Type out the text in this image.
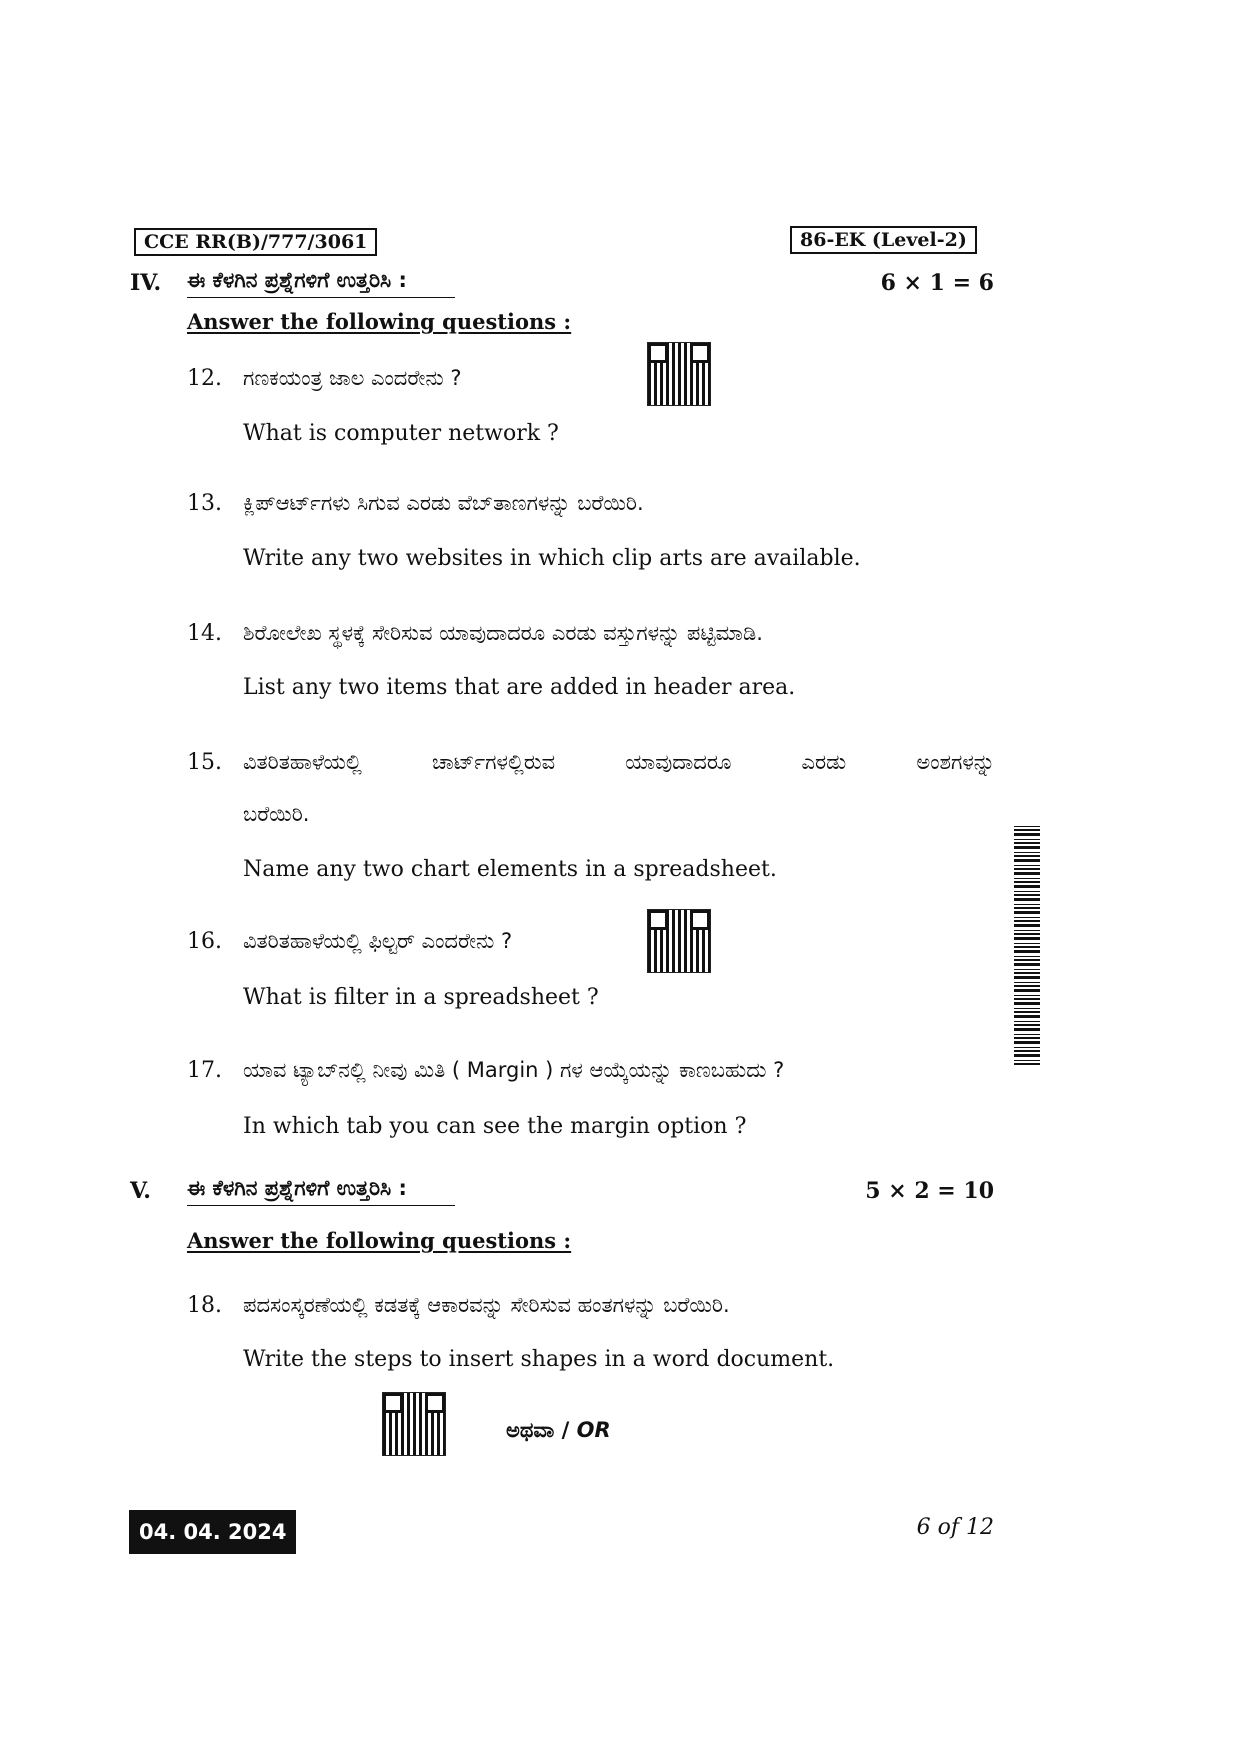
CCE RR(B)/777/3061	86-EK (Level-2)
IV. ಈ ಕೆಳಗಿನ ಪ್ರಶ್ನೆಗಳಿಗೆ ಉತ್ತರಿಸಿ :	6 × 1 = 6
Answer the following questions :
12. ಗಣಕಯಂತ್ರ ಜಾಲ ಎಂದರೇನು ?
What is computer network ?
13. ಕ್ಲಿಪ್‌ಆರ್ಟ್‌ಗಳು ಸಿಗುವ ಎರಡು ವೆಬ್‌ತಾಣಗಳನ್ನು ಬರೆಯಿರಿ.
Write any two websites in which clip arts are available.
14. ಶಿರೋಲೇಖ ಸ್ಥಳಕ್ಕೆ ಸೇರಿಸುವ ಯಾವುದಾದರೂ ಎರಡು ವಸ್ತುಗಳನ್ನು ಪಟ್ಟಿಮಾಡಿ.
List any two items that are added in header area.
15. ವಿತರಿತಹಾಳೆಯಲ್ಲಿ ಚಾರ್ಟ್‌ಗಳಲ್ಲಿರುವ ಯಾವುದಾದರೂ ಎರಡು ಅಂಶಗಳನ್ನು
ಬರೆಯಿರಿ.
Name any two chart elements in a spreadsheet.
16. ವಿತರಿತಹಾಳೆಯಲ್ಲಿ ಫಿಲ್ಟರ್ ಎಂದರೇನು ?
What is filter in a spreadsheet ?
17. ಯಾವ ಟ್ಯಾಬ್‌ನಲ್ಲಿ ನೀವು ಮಿತಿ ( Margin ) ಗಳ ಆಯ್ಕೆಯನ್ನು ಕಾಣಬಹುದು ?
In which tab you can see the margin option ?
V. ಈ ಕೆಳಗಿನ ಪ್ರಶ್ನೆಗಳಿಗೆ ಉತ್ತರಿಸಿ :	5 × 2 = 10
Answer the following questions :
18. ಪದಸಂಸ್ಕರಣೆಯಲ್ಲಿ ಕಡತಕ್ಕೆ ಆಕಾರವನ್ನು ಸೇರಿಸುವ ಹಂತಗಳನ್ನು ಬರೆಯಿರಿ.
Write the steps to insert shapes in a word document.
ಅಥವಾ / OR
04. 04. 2024	6 of 12
